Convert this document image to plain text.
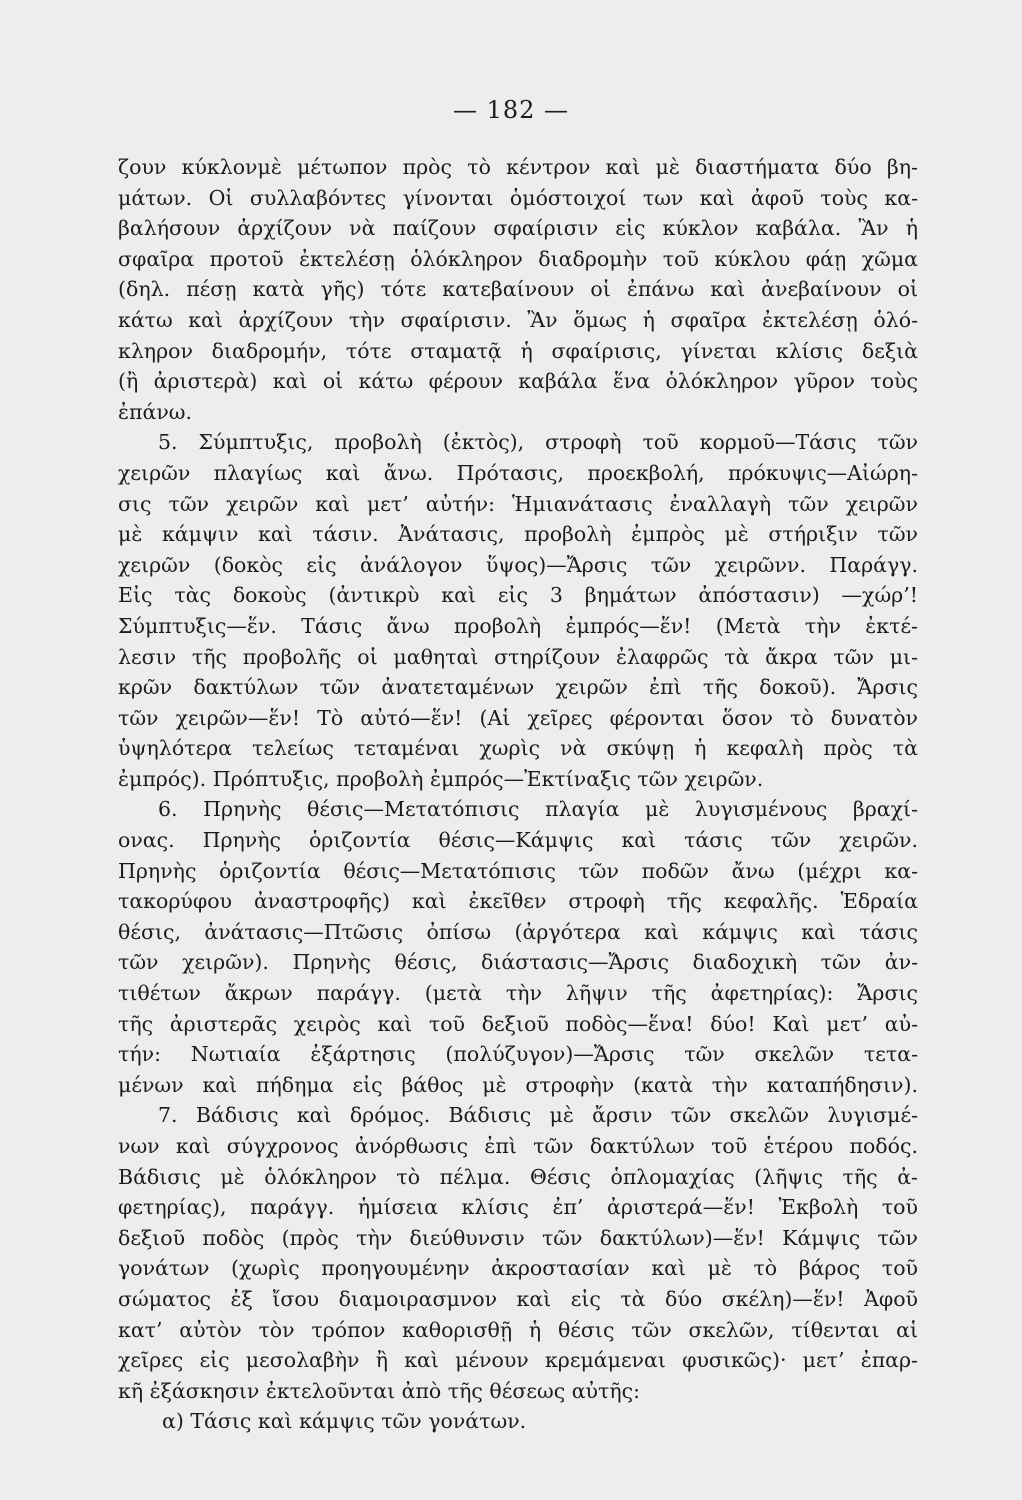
— 182 —
ζουν κύκλονμὲ μέτωπον πρὸς τὸ κέντρον καὶ μὲ διαστήματα δύο βη-
μάτων. Οἱ συλλαβόντες γίνονται ὁμόστοιχοί των καὶ ἀφοῦ τοὺς κα-
βαλήσουν ἀρχίζουν νὰ παίζουν σφαίρισιν εἰς κύκλον καβάλα. Ἂν ἡ
σφαῖρα προτοῦ ἐκτελέσῃ ὁλόκληρον διαδρομὴν τοῦ κύκλου φάῃ χῶμα
(δηλ. πέσῃ κατὰ γῆς) τότε κατεβαίνουν οἱ ἐπάνω καὶ ἀνεβαίνουν οἱ
κάτω καὶ ἀρχίζουν τὴν σφαίρισιν. Ἂν ὅμως ἡ σφαῖρα ἐκτελέσῃ ὁλό-
κληρον διαδρομήν, τότε σταματᾷ ἡ σφαίρισις, γίνεται κλίσις δεξιὰ
(ἢ ἀριστερὰ) καὶ οἱ κάτω φέρουν καβάλα ἕνα ὁλόκληρον γῦρον τοὺς
ἐπάνω.
5. Σύμπτυξις, προβολὴ (ἐκτὸς), στροφὴ τοῦ κορμοῦ—Τάσις τῶν
χειρῶν πλαγίως καὶ ἄνω. Πρότασις, προεκβολή, πρόκυψις—Αἰώρη-
σις τῶν χειρῶν καὶ μετ’ αὐτήν: Ἡμιανάτασις ἐναλλαγὴ τῶν χειρῶν
μὲ κάμψιν καὶ τάσιν. Ἀνάτασις, προβολὴ ἐμπρὸς μὲ στήριξιν τῶν
χειρῶν (δοκὸς εἰς ἀνάλογον ὕψος)—Ἄρσις τῶν χειρῶνν. Παράγγ.
Εἰς τὰς δοκοὺς (ἀντικρὺ καὶ εἰς 3 βημάτων ἀπόστασιν) —χώρ’!
Σύμπτυξις—ἕν. Τάσις ἄνω προβολὴ ἐμπρός—ἕν! (Μετὰ τὴν ἐκτέ-
λεσιν τῆς προβολῆς οἱ μαθηταὶ στηρίζουν ἐλαφρῶς τὰ ἄκρα τῶν μι-
κρῶν δακτύλων τῶν ἀνατεταμένων χειρῶν ἐπὶ τῆς δοκοῦ). Ἄρσις
τῶν χειρῶν—ἕν! Τὸ αὐτό—ἕν! (Αἱ χεῖρες φέρονται ὅσον τὸ δυνατὸν
ὑψηλότερα τελείως τεταμέναι χωρὶς νὰ σκύψῃ ἡ κεφαλὴ πρὸς τὰ
ἐμπρός). Πρόπτυξις, προβολὴ ἐμπρός—Ἐκτίναξις τῶν χειρῶν.
6. Πρηνὴς θέσις—Μετατόπισις πλαγία μὲ λυγισμένους βραχί-
ονας. Πρηνὴς ὁριζοντία θέσις—Κάμψις καὶ τάσις τῶν χειρῶν.
Πρηνὴς ὁριζοντία θέσις—Μετατόπισις τῶν ποδῶν ἄνω (μέχρι κα-
τακορύφου ἀναστροφῆς) καὶ ἐκεῖθεν στροφὴ τῆς κεφαλῆς. Ἑδραία
θέσις, ἀνάτασις—Πτῶσις ὀπίσω (ἀργότερα καὶ κάμψις καὶ τάσις
τῶν χειρῶν). Πρηνὴς θέσις, διάστασις—Ἄρσις διαδοχικὴ τῶν ἀν-
τιθέτων ἄκρων παράγγ. (μετὰ τὴν λῆψιν τῆς ἀφετηρίας): Ἄρσις
τῆς ἀριστερᾶς χειρὸς καὶ τοῦ δεξιοῦ ποδὸς—ἕνα! δύο! Καὶ μετ’ αὐ-
τήν: Νωτιαία ἐξάρτησις (πολύζυγον)—Ἄρσις τῶν σκελῶν τετα-
μένων καὶ πήδημα εἰς βάθος μὲ στροφὴν (κατὰ τὴν καταπήδησιν).
7. Βάδισις καὶ δρόμος. Βάδισις μὲ ἄρσιν τῶν σκελῶν λυγισμέ-
νων καὶ σύγχρονος ἀνόρθωσις ἐπὶ τῶν δακτύλων τοῦ ἑτέρου ποδός.
Βάδισις μὲ ὁλόκληρον τὸ πέλμα. Θέσις ὁπλομαχίας (λῆψις τῆς ἀ-
φετηρίας), παράγγ. ἡμίσεια κλίσις ἐπ’ ἀριστερά—ἕν! Ἐκβολὴ τοῦ
δεξιοῦ ποδὸς (πρὸς τὴν διεύθυνσιν τῶν δακτύλων)—ἕν! Κάμψις τῶν
γονάτων (χωρὶς προηγουμένην ἀκροστασίαν καὶ μὲ τὸ βάρος τοῦ
σώματος ἐξ ἴσου διαμοιρασμνον καὶ εἰς τὰ δύο σκέλη)—ἕν! Ἀφοῦ
κατ’ αὐτὸν τὸν τρόπον καθορισθῇ ἡ θέσις τῶν σκελῶν, τίθενται αἱ
χεῖρες εἰς μεσολαβὴν ἢ καὶ μένουν κρεμάμεναι φυσικῶς)· μετ’ ἐπαρ-
κῆ ἐξάσκησιν ἐκτελοῦνται ἀπὸ τῆς θέσεως αὐτῆς:
α) Τάσις καὶ κάμψις τῶν γονάτων.
